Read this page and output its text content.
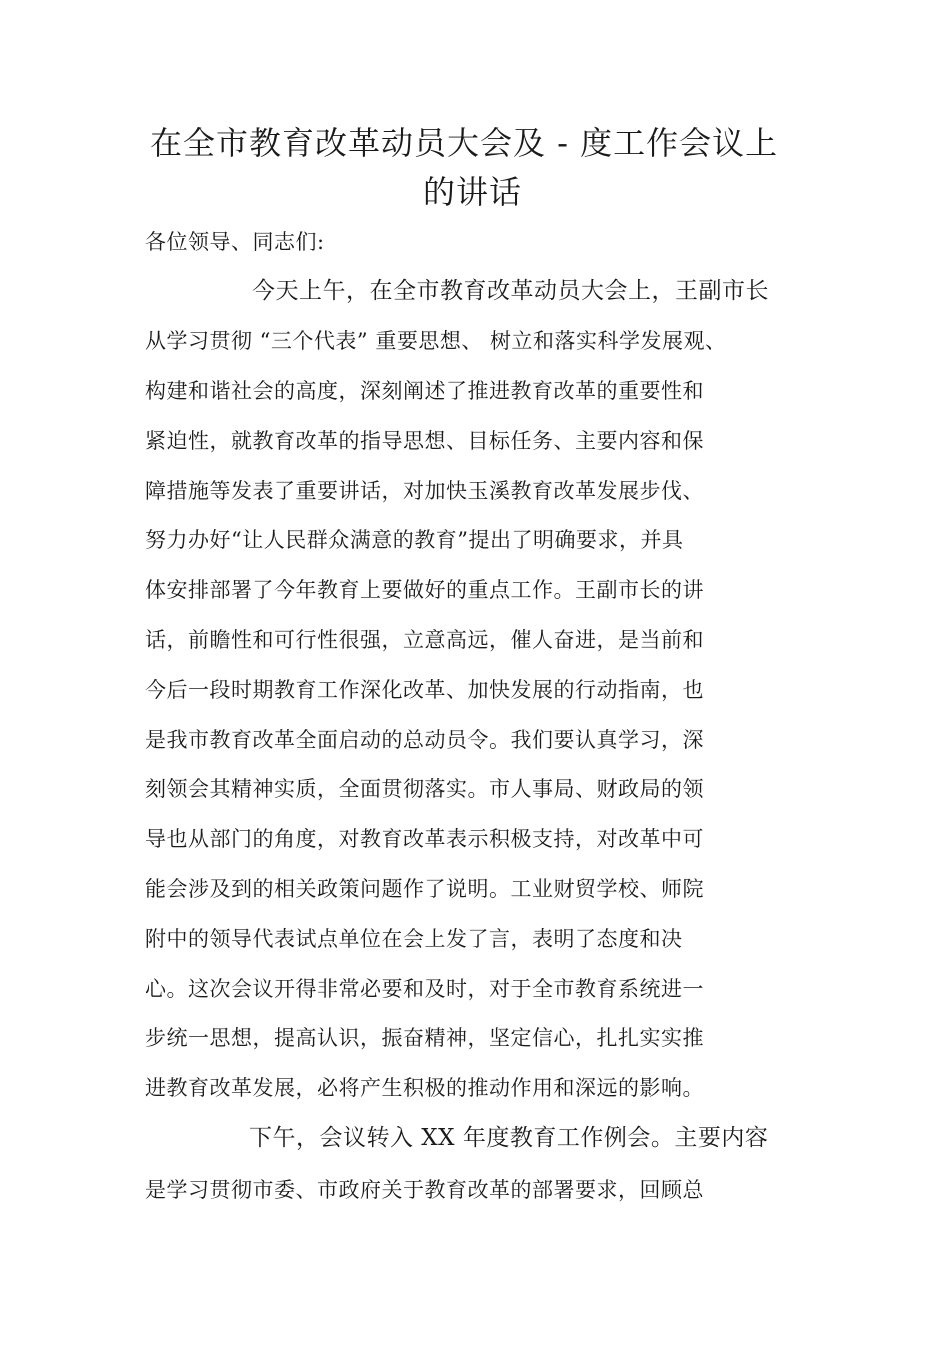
在全市教育改革动员大会及 - 度工作会议上
的讲话
各位领导、同志们:
今天上午，在全市教育改革动员大会上，王副市长
从学习贯彻 “三个代表” 重要思想、 树立和落实科学发展观、
构建和谐社会的高度，深刻阐述了推进教育改革的重要性和
紧迫性，就教育改革的指导思想、目标任务、主要内容和保
障措施等发表了重要讲话，对加快玉溪教育改革发展步伐、
努力办好“让人民群众满意的教育”提出了明确要求，并具
体安排部署了今年教育上要做好的重点工作。王副市长的讲
话，前瞻性和可行性很强，立意高远，催人奋进，是当前和
今后一段时期教育工作深化改革、加快发展的行动指南，也
是我市教育改革全面启动的总动员令。我们要认真学习，深
刻领会其精神实质，全面贯彻落实。市人事局、财政局的领
导也从部门的角度，对教育改革表示积极支持，对改革中可
能会涉及到的相关政策问题作了说明。工业财贸学校、师院
附中的领导代表试点单位在会上发了言，表明了态度和决
心。这次会议开得非常必要和及时，对于全市教育系统进一
步统一思想，提高认识，振奋精神，坚定信心，扎扎实实推
进教育改革发展，必将产生积极的推动作用和深远的影响。
下午，会议转入 XX 年度教育工作例会。主要内容
是学习贯彻市委、市政府关于教育改革的部署要求，回顾总
